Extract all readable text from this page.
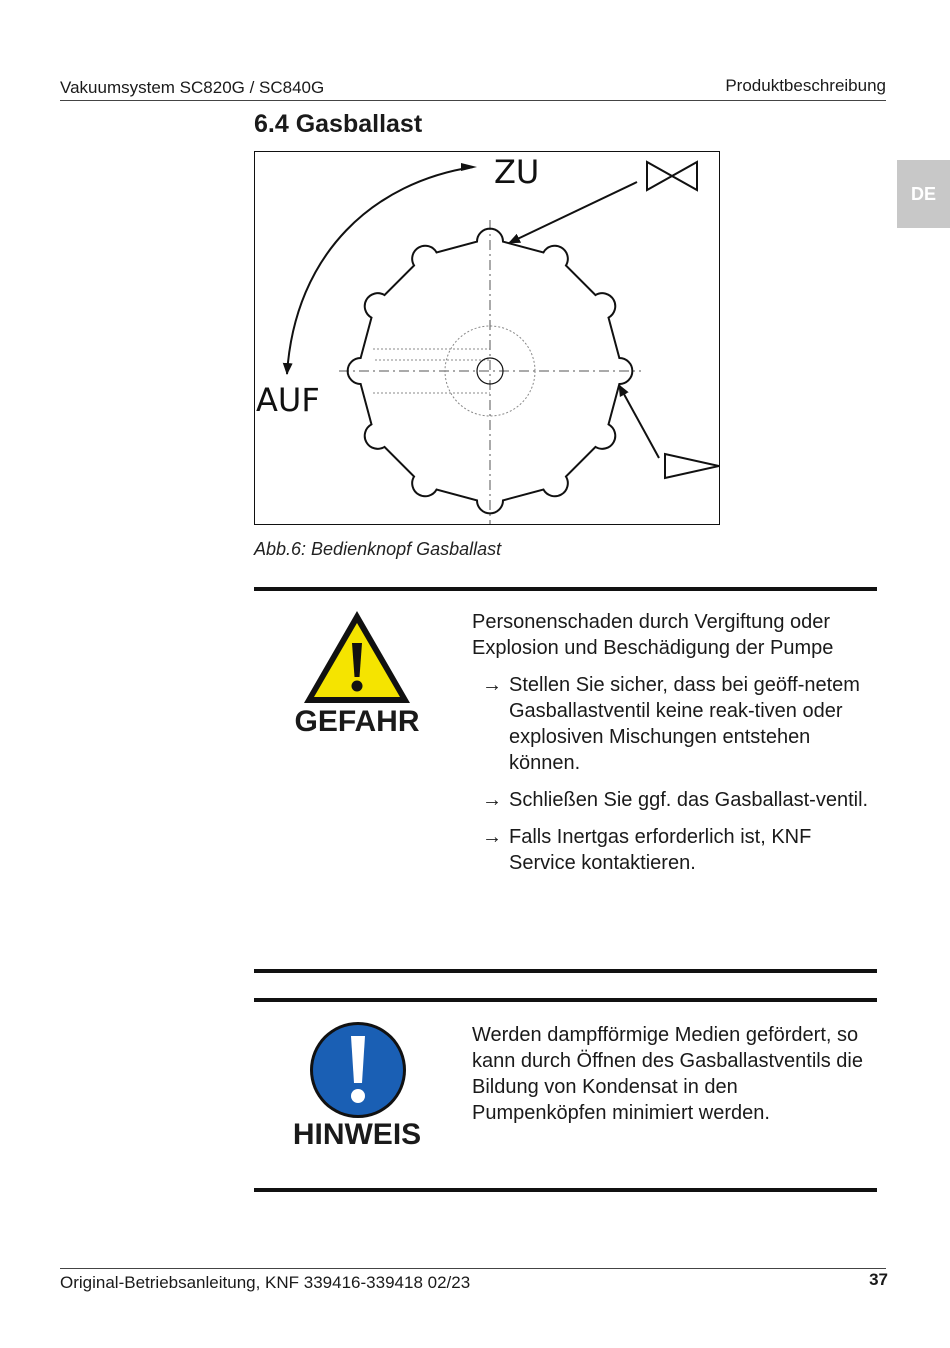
Vakuumsystem SC820G / SC840G	Produktbeschreibung
DE
6.4 Gasballast
ZU
AUF
Abb.6: Bedienknopf Gasballast
GEFAHR
Personenschaden durch Vergiftung oder Explosion und Beschädigung der Pumpe
→ Stellen Sie sicher, dass bei geöff-netem Gasballastventil keine reak-tiven oder explosiven Mischungen entstehen können.
→ Schließen Sie ggf. das Gasballast-ventil.
→ Falls Inertgas erforderlich ist, KNF Service kontaktieren.
HINWEIS
Werden dampfförmige Medien gefördert, so kann durch Öffnen des Gasballastventils die Bildung von Kondensat in den Pumpenköpfen minimiert werden.
Original-Betriebsanleitung, KNF 339416-339418 02/23	37
